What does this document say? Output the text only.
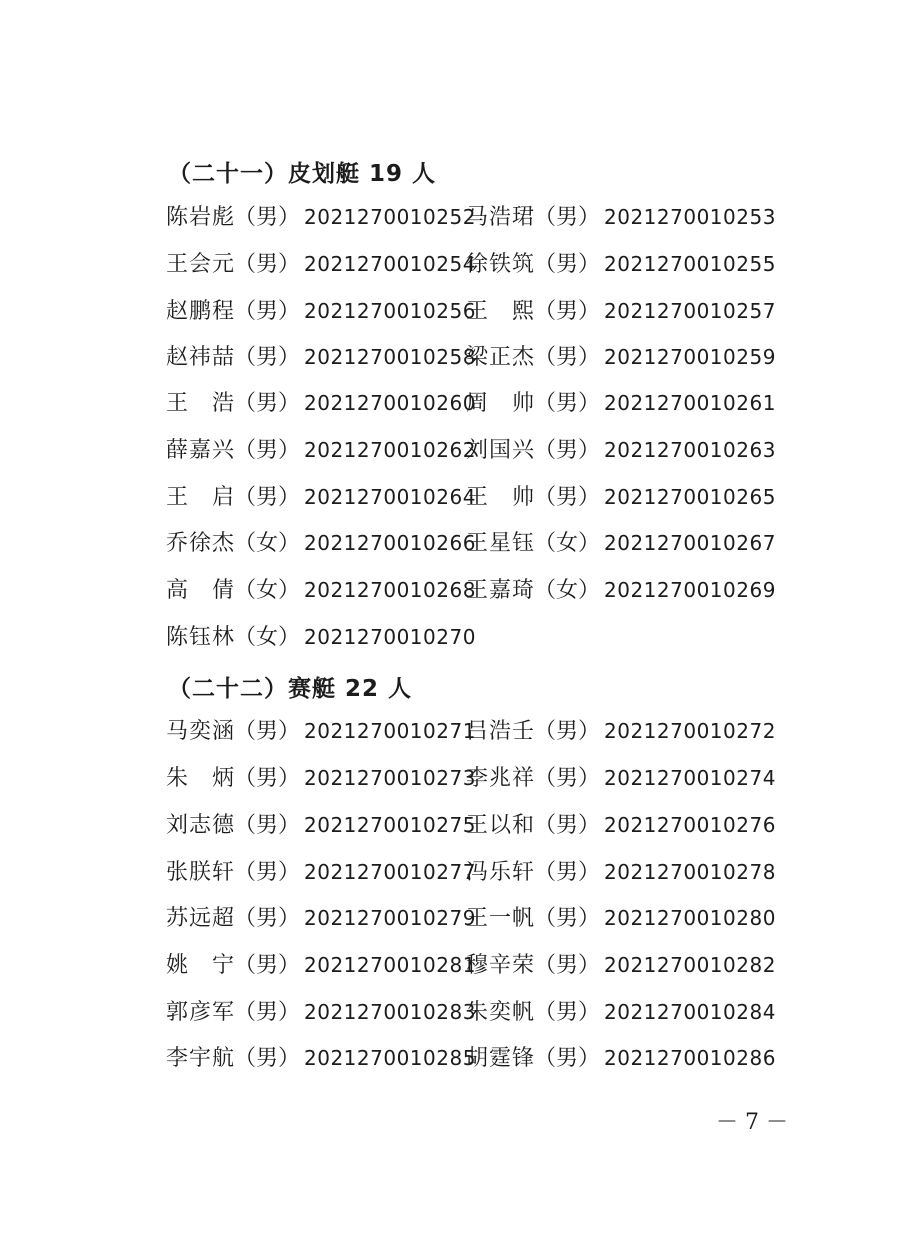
（二十一）皮划艇 19 人
陈岩彪（男） 2021270010252
马浩珺（男） 2021270010253
王会元（男） 2021270010254
徐铁筑（男） 2021270010255
赵鹏程（男） 2021270010256
王　熙（男） 2021270010257
赵祎喆（男） 2021270010258
梁正杰（男） 2021270010259
王　浩（男） 2021270010260
周　帅（男） 2021270010261
薛嘉兴（男） 2021270010262
刘国兴（男） 2021270010263
王　启（男） 2021270010264
王　帅（男） 2021270010265
乔徐杰（女） 2021270010266
王星钰（女） 2021270010267
高　倩（女） 2021270010268
王嘉琦（女） 2021270010269
陈钰林（女） 2021270010270
（二十二）赛艇 22 人
马奕涵（男） 2021270010271
吕浩壬（男） 2021270010272
朱　炳（男） 2021270010273
李兆祥（男） 2021270010274
刘志德（男） 2021270010275
王以和（男） 2021270010276
张朕轩（男） 2021270010277
冯乐轩（男） 2021270010278
苏远超（男） 2021270010279
王一帆（男） 2021270010280
姚　宁（男） 2021270010281
穆辛荣（男） 2021270010282
郭彦军（男） 2021270010283
朱奕帆（男） 2021270010284
李宇航（男） 2021270010285
胡霆锋（男） 2021270010286
－ 7 －
